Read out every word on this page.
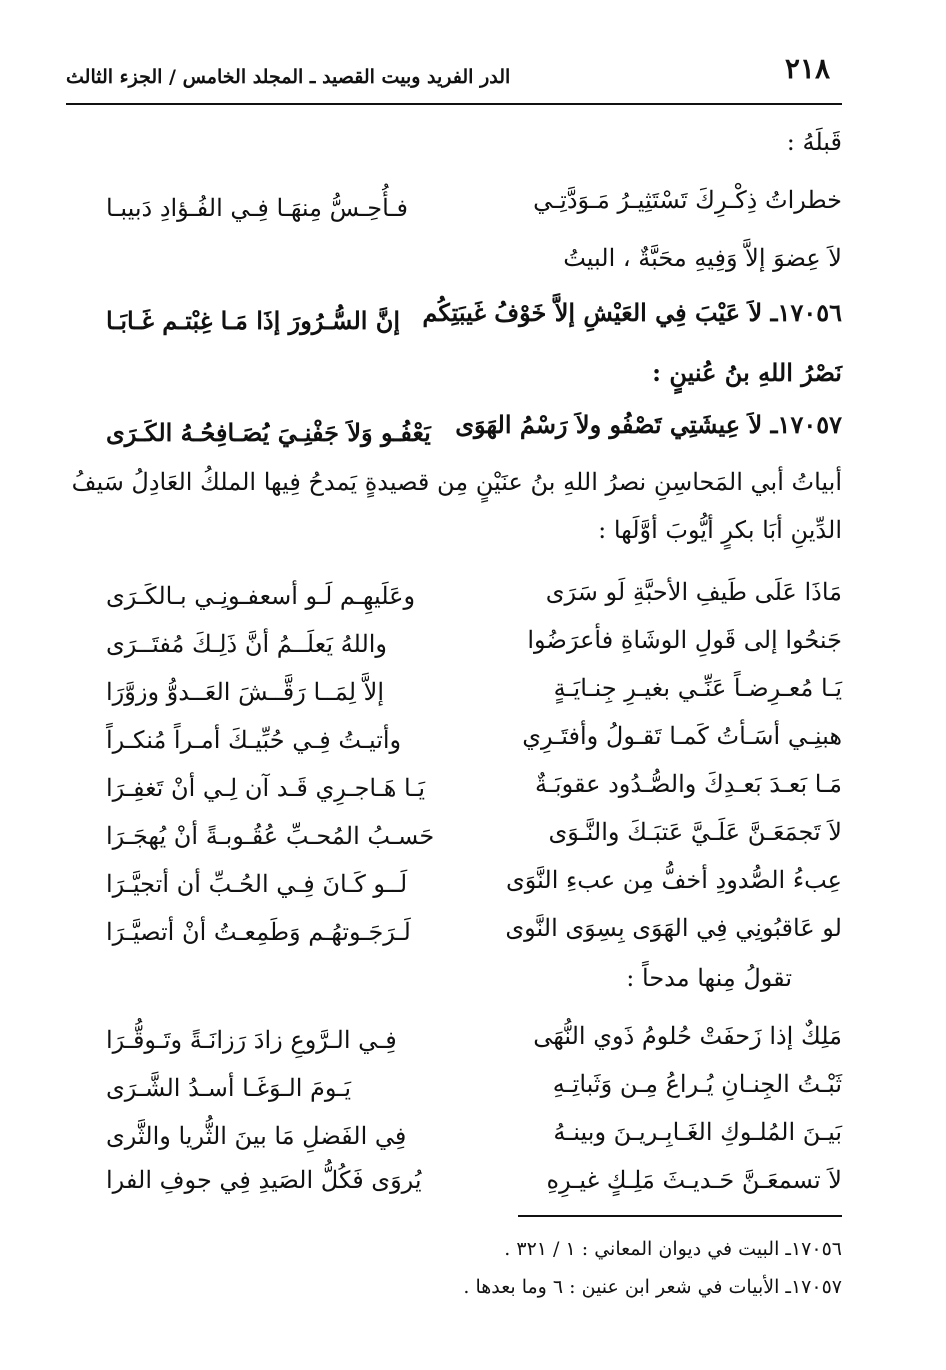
٢١٨
الدر الفريد وبيت القصيد ـ المجلد الخامس / الجزء الثالث
قَبلَهُ :
خطراتُ ذِكْـرِكَ تَسْتَثِيـرُ مَـوَدَّتِـي
فـأُحِـسُّ مِنهَـا فِـي الفُـؤادِ دَبيبـا
لاَ عِضوَ إلاَّ وَفِيهِ محَبَّةٌ ، البيتُ
١٧٠٥٦ـ لاَ عَيْبَ فِي العَيْشِ إلاَّ خَوْفُ غَيبَتِكُم
إنَّ السُّـرُورَ إذَا مَـا غِبْتـم غَـابَـا
نَصْرُ اللهِ بنُ عُنينٍ :
١٧٠٥٧ـ لاَ عِيشَتِي تَصْفُو ولاَ رَسْمُ الهَوَى
يَعْفُـو وَلاَ جَفْنِـيَ يُصَـافِحُـهُ الكَـرَى
أبياتُ أبي المَحاسِنِ نصرُ اللهِ بنُ عنَيْنٍ مِن قصيدةٍ يَمدحُ فِيها الملكُ العَادِلُ سَيفُ
الدِّينِ أبَا بكرٍ أيُّوبَ أوَّلَها :
مَاذَا عَلَى طَيفِ الأحبَّةِ لَو سَرَى
وعَلَيهِـم لَـو أسعفـونِـي بـالكَـرَى
جَنحُوا إلى قَولِ الوشَاةِ فأعرَضُوا
واللهُ يَعلَــمُ أنَّ ذَلِـكَ مُفتَــرَى
يَـا مُعـرِضـاً عَنِّـي بغيـرِ جِنـايَـةٍ
إلاَّ لِمَــا رَقَّــشَ العَــدوُّ وزوَّرَا
هبنِـي أسَـأتُ كَمـا تَقـولُ وأفتَـرِي
وأتيـتُ فِـي حُبِّيـكَ أمـراً مُنكـراً
مَـا بَعـدَ بَعـدِكَ والصُّـدُود عقوبَـةٌ
يَـا هَـاجـرِي قَـد آن لِـي أنْ تَغفِـرَا
لاَ تَجمَعَـنَّ عَلَـيَّ عَتبَـكَ والنَّـوَى
حَسـبُ المُحـبِّ عُقُـوبـةً أنْ يُهجَـرَا
عِبءُ الصُّدودِ أخفُّ مِن عبءِ النَّوَى
لَــو كَـانَ فِـي الحُـبِّ أن أتجيَّـرَا
لو عَاقبُونِي فِي الهَوَى بِسِوَى النَّوى
لَـرَجَـوتهُـم وَطَمِعـتُ أنْ أتصيَّـرَا
تقولُ مِنها مدحاً :
مَلِكٌ إذا زَحفَتْ حُلومُ ذَوي النُّهَى
فِـي الـرَّوعِ زادَ رَزانَـةً وتَـوقُّـرَا
ثَبْـتُ الجِنـانِ يُـراعُ مِـن وَثَباتِـهِ
يَـومَ الـوَغَـا أسـدُ الشَّـرَى
بَيـنَ المُلـوكِ الغَـابِـريـنَ وبينـهُ
فِي الفَضلِ مَا بينَ الثُّريا والثَّرى
لاَ تسمعَـنَّ حَـديـثَ مَلِـكٍ غيـرِهِ
يُروَى فَكُلُّ الصَيدِ فِي جوفِ الفرا
١٧٠٥٦ـ البيت في ديوان المعاني : ١ / ٣٢١ .
١٧٠٥٧ـ الأبيات في شعر ابن عنين : ٦ وما بعدها .
